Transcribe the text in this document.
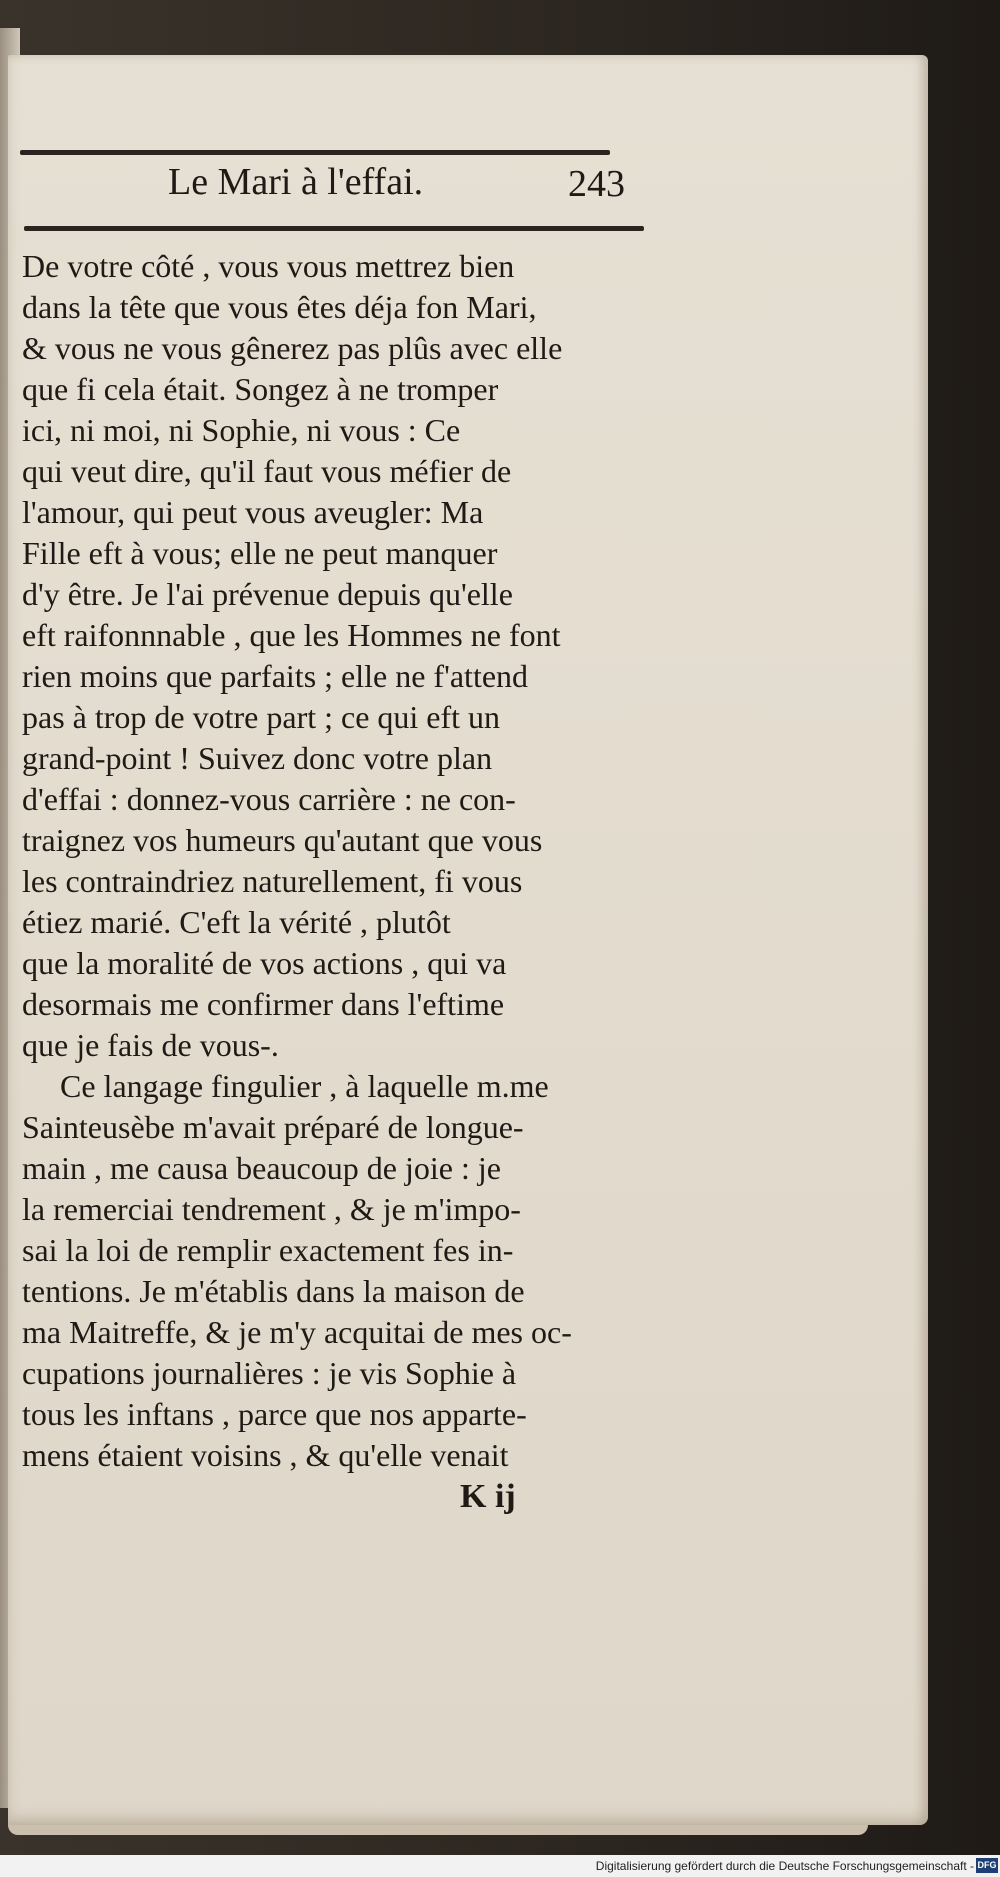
Le Mari à l'effai.	243
De votre côté , vous vous mettrez bien
dans la tête que vous êtes déja fon Mari,
& vous ne vous gênerez pas plûs avec elle
que fi cela était. Songez à ne tromper
ici, ni moi, ni Sophie, ni vous : Ce
qui veut dire, qu'il faut vous méfier de
l'amour, qui peut vous aveugler: Ma
Fille eft à vous; elle ne peut manquer
d'y être. Je l'ai prévenue depuis qu'elle
eft raifonnnable , que les Hommes ne font
rien moins que parfaits ; elle ne f'attend
pas à trop de votre part ; ce qui eft un
grand-point ! Suivez donc votre plan
d'effai : donnez-vous carrière : ne con-
traignez vos humeurs qu'autant que vous
les contraindriez naturellement, fi vous
étiez marié. C'eft la vérité , plutôt
que la moralité de vos actions , qui va
desormais me confirmer dans l'eftime
que je fais de vous-.
Ce langage fingulier , à laquelle m.me
Sainteusèbe m'avait préparé de longue-
main , me causa beaucoup de joie : je
la remerciai tendrement , & je m'impo-
sai la loi de remplir exactement fes in-
tentions. Je m'établis dans la maison de
ma Maitreffe, & je m'y acquitai de mes oc-
cupations journalières : je vis Sophie à
tous les inftans , parce que nos apparte-
mens étaient voisins , & qu'elle venait
K ij
Digitalisierung gefördert durch die Deutsche Forschungsgemeinschaft - DFG
